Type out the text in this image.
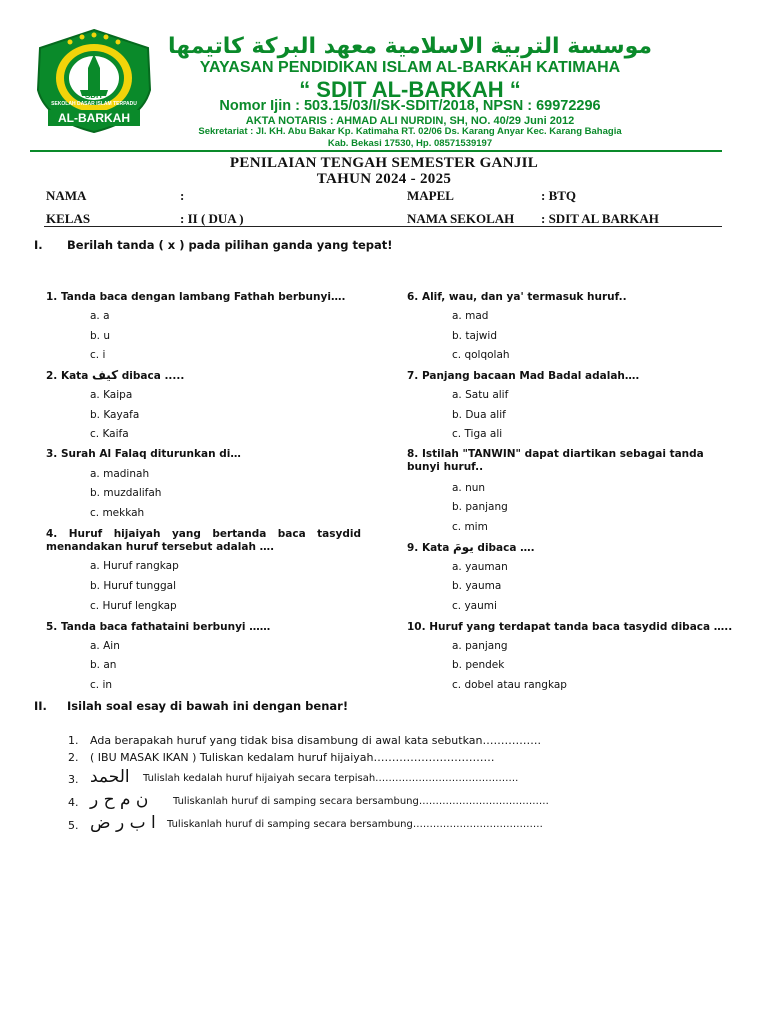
SDIT
SEKOLAH DASAR ISLAM TERPADU
AL-BARKAH
موسسة التربية الاسلامية معهد البركة كاتيمها
YAYASAN PENDIDIKAN ISLAM AL-BARKAH KATIMAHA
“ SDIT AL-BARKAH “
Nomor Ijin : 503.15/03/I/SK-SDIT/2018, NPSN : 69972296
AKTA NOTARIS : AHMAD ALI NURDIN, SH, NO. 40/29 Juni 2012
Sekretariat : Jl. KH. Abu Bakar Kp. Katimaha RT. 02/06 Ds. Karang Anyar Kec. Karang Bahagia
Kab. Bekasi 17530, Hp. 08571539197
PENILAIAN TENGAH SEMESTER GANJIL
TAHUN 2024 - 2025
NAMA	:	MAPEL	: BTQ
KELAS	: II ( DUA )	NAMA SEKOLAH : SDIT AL BARKAH
I. Berilah tanda ( x ) pada pilihan ganda yang tepat!
1. Tanda baca dengan lambang Fathah berbunyi….
a. a
b. u
c. i
2. Kata كيف dibaca .....
a. Kaipa
b. Kayafa
c. Kaifa
3. Surah Al Falaq diturunkan di…
a. madinah
b. muzdalifah
c. mekkah
4. Huruf hijaiyah yang bertanda baca tasydid menandakan huruf tersebut adalah ….
a. Huruf rangkap
b. Huruf tunggal
c. Huruf lengkap
5. Tanda baca fathataini berbunyi ……
a. Ain
b. an
c. in
6. Alif, wau, dan ya' termasuk huruf..
a. mad
b. tajwid
c. qolqolah
7. Panjang bacaan Mad Badal adalah….
a. Satu alif
b. Dua alif
c. Tiga ali
8. Istilah "TANWIN" dapat diartikan sebagai tanda bunyi huruf..
a. nun
b. panjang
c. mim
9. Kata يومَ dibaca ….
a. yauman
b. yauma
c. yaumi
10. Huruf yang terdapat tanda baca tasydid dibaca …..
a. panjang
b. pendek
c. dobel atau rangkap
II. Isilah soal esay di bawah ini dengan benar!
1. Ada berapakah huruf yang tidak bisa disambung di awal kata sebutkan…………….
2. ( IBU MASAK IKAN ) Tuliskan kedalam huruf hijaiyah……………………………
3. الحمد Tulislah kedalah huruf hijaiyah secara terpisah…………………………………….
4. ن م ح ر Tuliskanlah huruf di samping secara bersambung…………………………………
5. ا ب ر ض Tuliskanlah huruf di samping secara bersambung…………………………………
